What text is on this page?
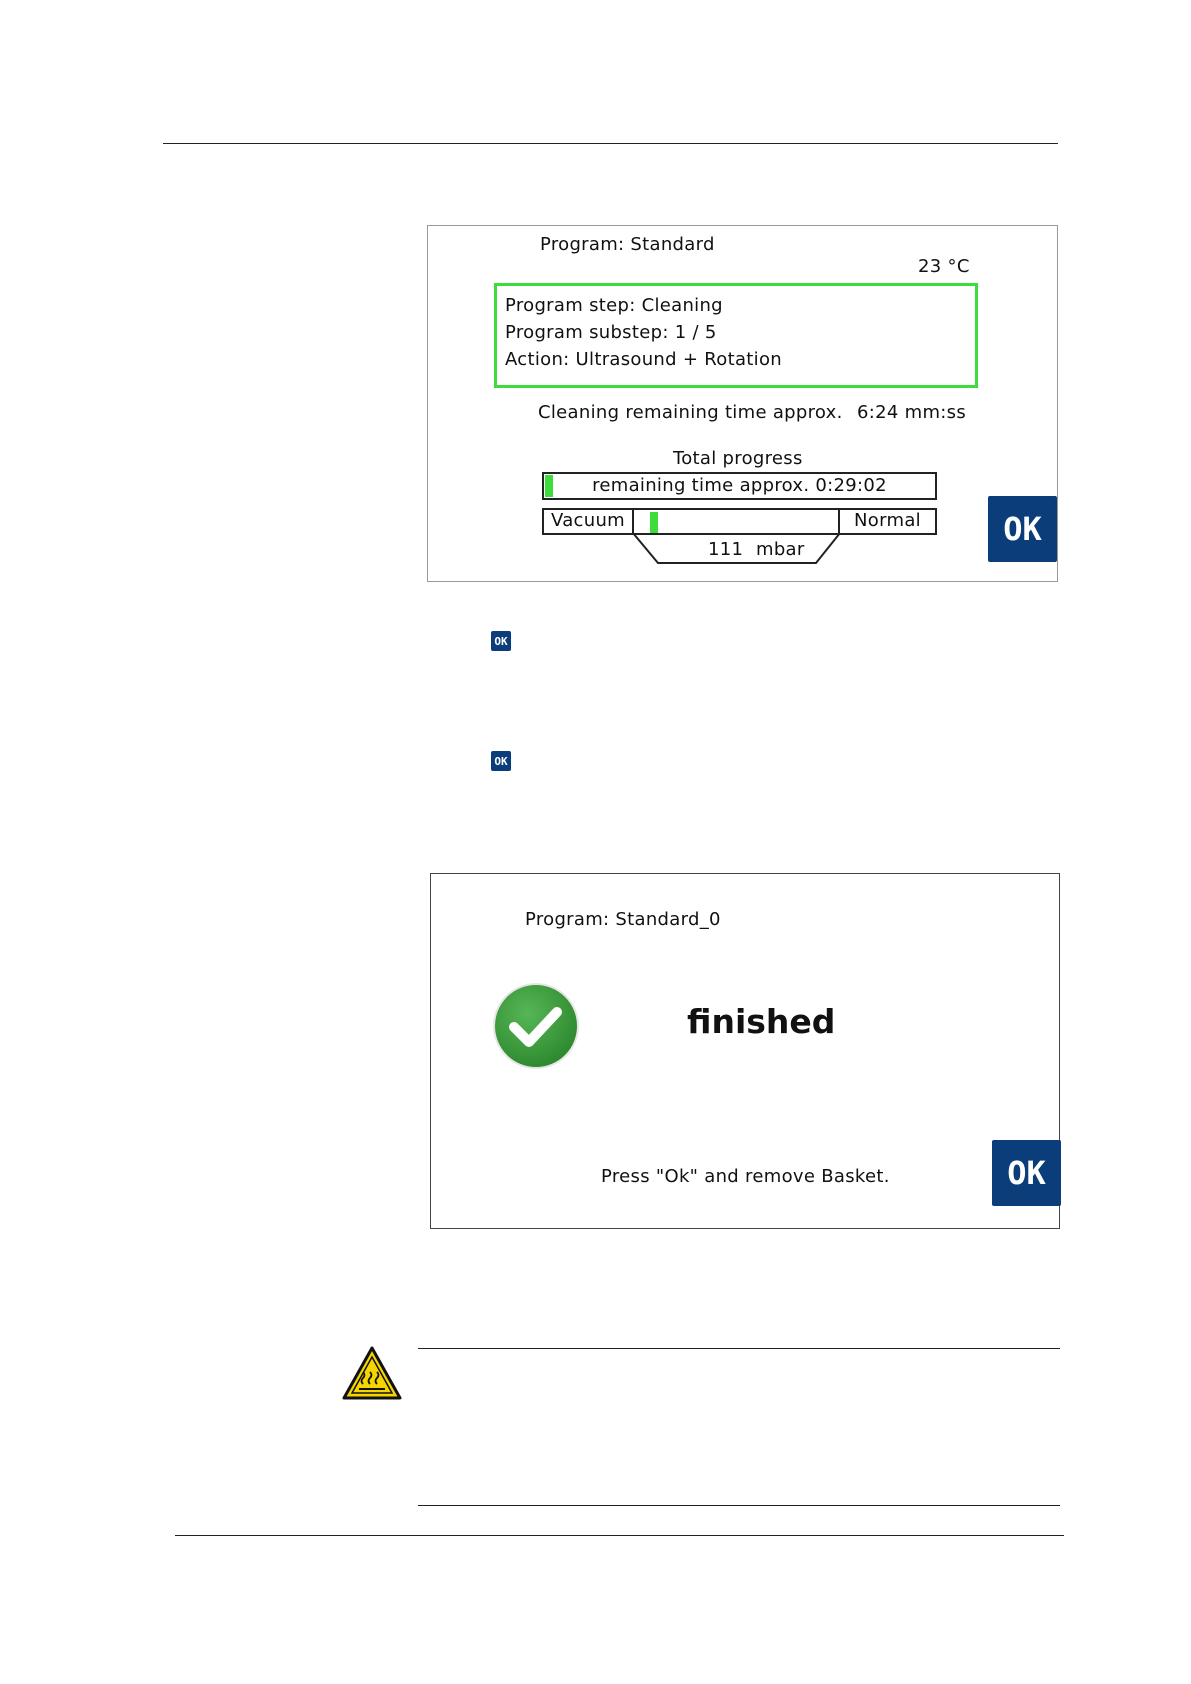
Program: Standard
23 °C
Program step: Cleaning
Program substep: 1 / 5
Action: Ultrasound + Rotation
Cleaning remaining time approx. 6:24 mm:ss
Total progress
remaining time approx. 0:29:02
Vacuum	Normal
111 mbar
OK
OK
OK
Program: Standard_0
finished
Press "Ok" and remove Basket.	OK
